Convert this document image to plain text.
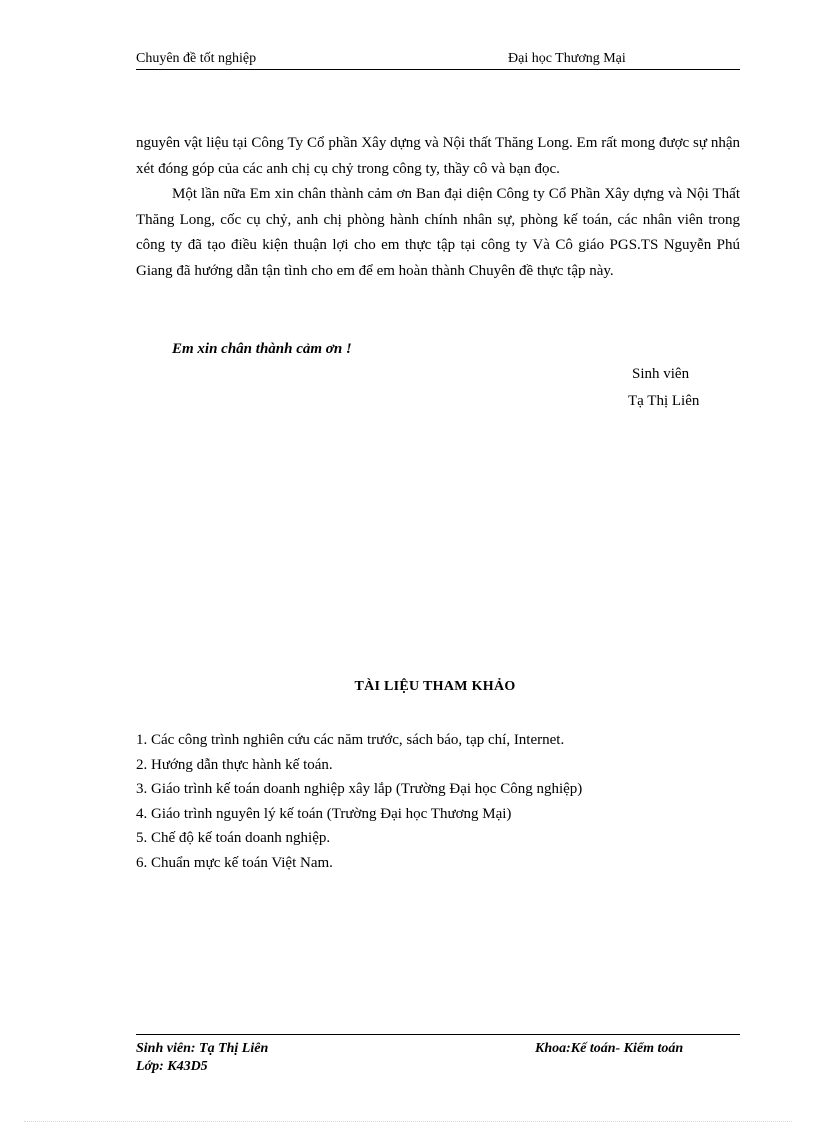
Chuyên đề tốt nghiệp	Đại học Thương Mại

nguyên vật liệu tại Công Ty Cổ phần Xây dựng và Nội thất Thăng Long. Em rất mong được sự nhận xét đóng góp của các anh chị cụ chỷ trong công ty, thầy cô và bạn đọc.

Một lần nữa Em xin chân thành cảm ơn Ban đại diện Công ty Cổ Phần Xây dựng và Nội Thất Thăng Long, cốc cụ chỷ, anh chị phòng hành chính nhân sự, phòng kế toán, các nhân viên trong công ty đã tạo điều kiện thuận lợi cho em thực tập tại công ty Và Cô giáo PGS.TS Nguyễn Phú Giang đã hướng dẫn tận tình cho em để em hoàn thành Chuyên đề thực tập này.

Em xin chân thành cảm ơn !
Sinh viên
Tạ Thị Liên
TÀI LIỆU THAM KHẢO
1. Các công trình nghiên cứu các năm trước, sách báo, tạp chí, Internet.
2. Hướng dẫn thực hành kế toán.
3. Giáo trình kế toán doanh nghiệp xây lắp (Trường Đại học Công nghiệp)
4. Giáo trình nguyên lý kế toán (Trường Đại học Thương Mại)
5. Chế độ kế toán doanh nghiệp.
6. Chuẩn mực kế toán Việt Nam.
Sinh viên: Tạ Thị Liên
Lớp: K43D5
Khoa:Kế toán- Kiểm toán
